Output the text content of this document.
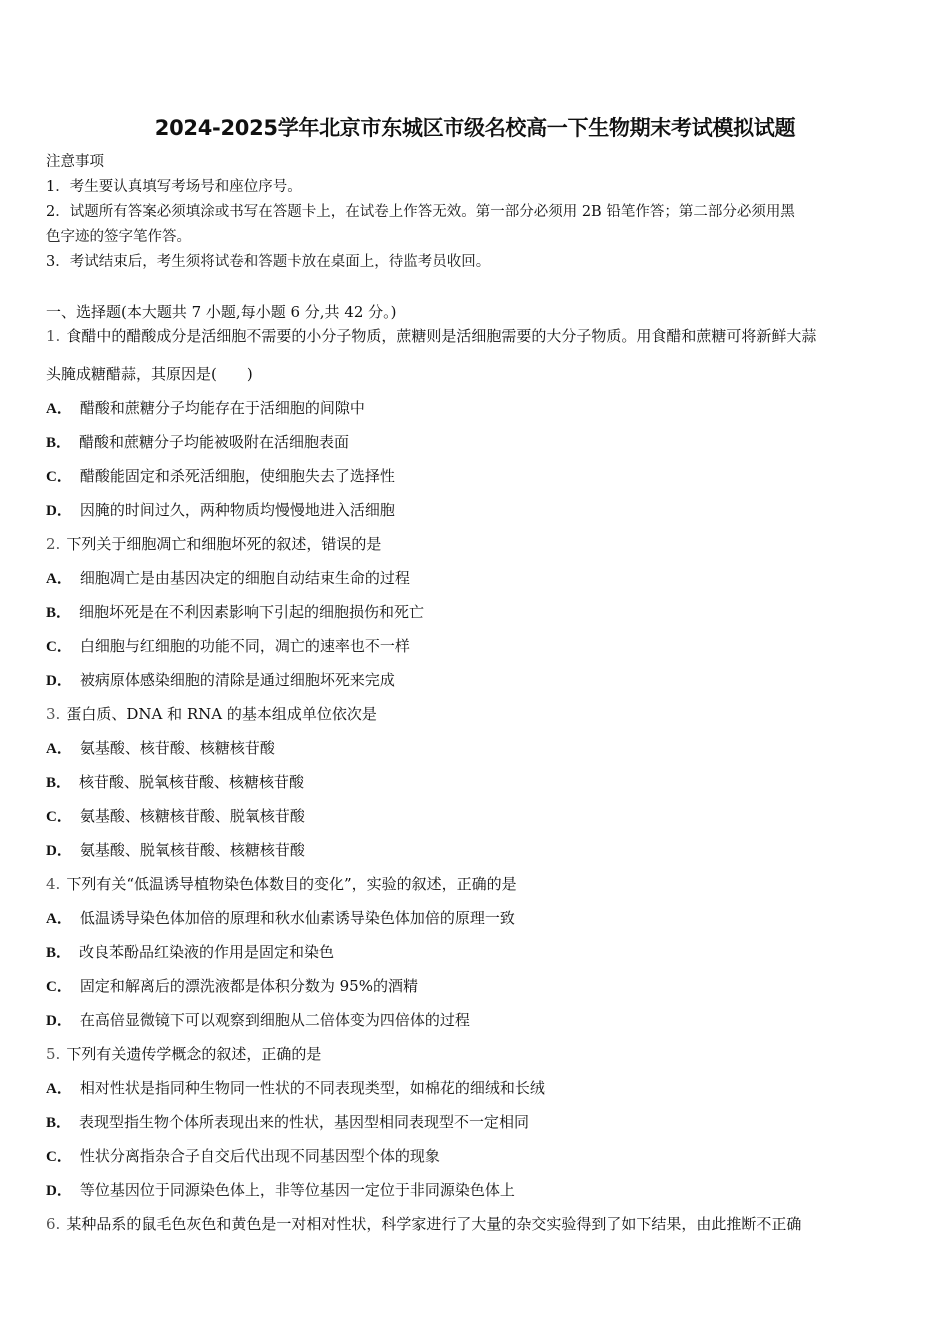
2024-2025学年北京市东城区市级名校高一下生物期末考试模拟试题
注意事项
1．考生要认真填写考场号和座位序号。
2．试题所有答案必须填涂或书写在答题卡上，在试卷上作答无效。第一部分必须用 2B 铅笔作答；第二部分必须用黑
色字迹的签字笔作答。
3．考试结束后，考生须将试卷和答题卡放在桌面上，待监考员收回。
一、选择题(本大题共 7 小题,每小题 6 分,共 42 分。)
1. 食醋中的醋酸成分是活细胞不需要的小分子物质，蔗糖则是活细胞需要的大分子物质。用食醋和蔗糖可将新鲜大蒜
头腌成糖醋蒜，其原因是(　　)
A． 醋酸和蔗糖分子均能存在于活细胞的间隙中
B． 醋酸和蔗糖分子均能被吸附在活细胞表面
C． 醋酸能固定和杀死活细胞，使细胞失去了选择性
D． 因腌的时间过久，两种物质均慢慢地进入活细胞
2. 下列关于细胞凋亡和细胞坏死的叙述，错误的是
A． 细胞凋亡是由基因决定的细胞自动结束生命的过程
B． 细胞坏死是在不利因素影响下引起的细胞损伤和死亡
C． 白细胞与红细胞的功能不同，凋亡的速率也不一样
D． 被病原体感染细胞的清除是通过细胞坏死来完成
3. 蛋白质、DNA 和 RNA 的基本组成单位依次是
A． 氨基酸、核苷酸、核糖核苷酸
B． 核苷酸、脱氧核苷酸、核糖核苷酸
C． 氨基酸、核糖核苷酸、脱氧核苷酸
D． 氨基酸、脱氧核苷酸、核糖核苷酸
4. 下列有关“低温诱导植物染色体数目的变化”，实验的叙述，正确的是
A． 低温诱导染色体加倍的原理和秋水仙素诱导染色体加倍的原理一致
B． 改良苯酚品红染液的作用是固定和染色
C． 固定和解离后的漂洗液都是体积分数为 95%的酒精
D． 在高倍显微镜下可以观察到细胞从二倍体变为四倍体的过程
5. 下列有关遗传学概念的叙述，正确的是
A． 相对性状是指同种生物同一性状的不同表现类型，如棉花的细绒和长绒
B． 表现型指生物个体所表现出来的性状，基因型相同表现型不一定相同
C． 性状分离指杂合子自交后代出现不同基因型个体的现象
D． 等位基因位于同源染色体上，非等位基因一定位于非同源染色体上
6. 某种品系的鼠毛色灰色和黄色是一对相对性状，科学家进行了大量的杂交实验得到了如下结果，由此推断不正确
